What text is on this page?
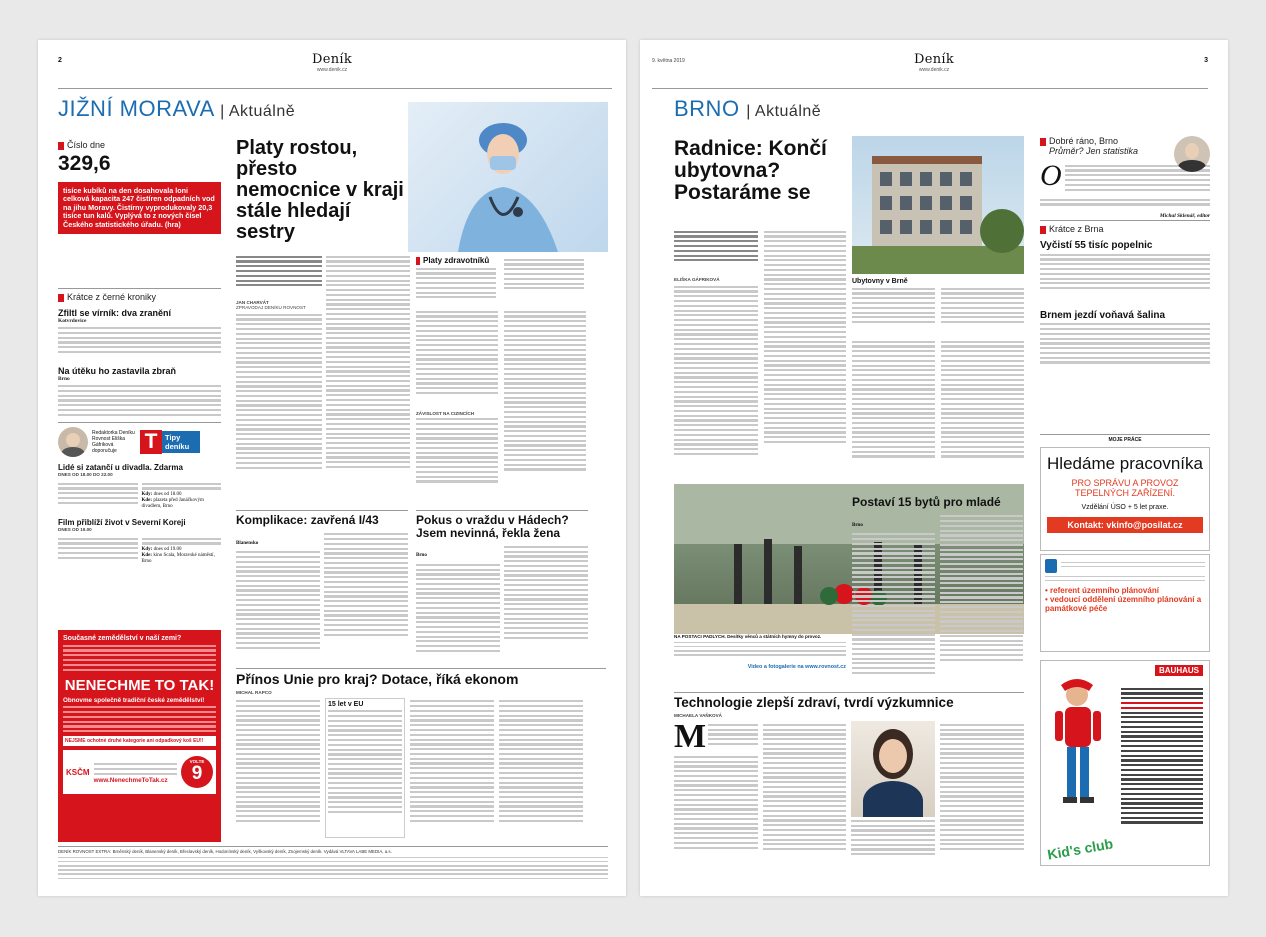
2	Deník
www.denik.cz
JIŽNÍ MORAVA | Aktuálně
Číslo dne
329,6
tisíce kubíků na den dosahovala loni celková kapacita 247 čistíren odpadních vod na jihu Moravy. Čistírny vyprodukovaly 20,3 tisíce tun kalů. Vyplývá to z nových čísel Českého statistického úřadu. (hra)
Krátce z černé kroniky
Zfiltl se vírník: dva zranění
Kotvrdovice
Na útěku ho zastavila zbraň
Brno
Redaktorka Deníku Rovnost Eliška Gáfriková doporučuje	T	Tipy deníku
Lidé si zatančí u divadla. Zdarma
DNES OD 18.00 DO 22.00
Kdy: dnes od 18.00
Kde: plazeta před Janáčkovým divadlem, Brno
Film přiblíží život v Severní Koreji
DNES OD 19.00
Kdy: dnes od 19.00
Kde: kino Scala, Moravské náměstí, Brno
Současné zemědělství v naší zemi?
NENECHME TO TAK!
Obnovme společně tradiční české zemědělství!
NEJSME ochotné druhé kategorie ani odpadkový koš EU!!
KSČM
www.NenechmeToTak.cz
VOLTE
9
Platy rostou, přesto nemocnice v kraji stále hledají sestry
JAN CHARVÁT
ZPRAVODAJ DENÍKU ROVNOST
Platy zdravotníků
ZÁVISLOST NA CIZINCÍCH
Komplikace: zavřená I/43
Blanensko
Pokus o vraždu v Hádech? Jsem nevinná, řekla žena
Brno
Přínos Unie pro kraj? Dotace, říká ekonom
MICHAL RAPCO
15 let v EU
DENÍK ROVNOST EXTRA: Brněnský deník, Blanenský deník, Břeclavský deník, Hodonínský deník, Vyškovský deník, Znojemský deník. Vydává VLTAVA LABE MEDIA, a.s.
9. května 2019	Deník
www.denik.cz
3
BRNO | Aktuálně
Radnice: Končí ubytovna? Postaráme se
ELIŠKA GÁFRIKOVÁ	Ubytovny v Brně
Dobré ráno, Brno
Průměr? Jen statistika
O
Michal Sklenář, editor
Krátce z Brna
Vyčistí 55 tisíc popelnic
Brnem jezdí voňavá šalina
MOJE PRÁCE
Hledáme pracovníka
PRO SPRÁVU A PROVOZ TEPELNÝCH ZAŘÍZENÍ.
Vzdělání ÚSO + 5 let praxe.
Kontakt: vkinfo@posilat.cz
• referent územního plánování
• vedoucí oddělení územního plánování a památkové péče
NA POSTACI PADLYCH. Desítky věnců a státních hymny do provoz.
Video a fotogalerie na www.rovnost.cz
Postaví 15 bytů pro mladé
Brno
Technologie zlepší zdraví, tvrdí výzkumnice
MICHAELA VAŇKOVÁ
M
BAUHAUS
Kid's club
